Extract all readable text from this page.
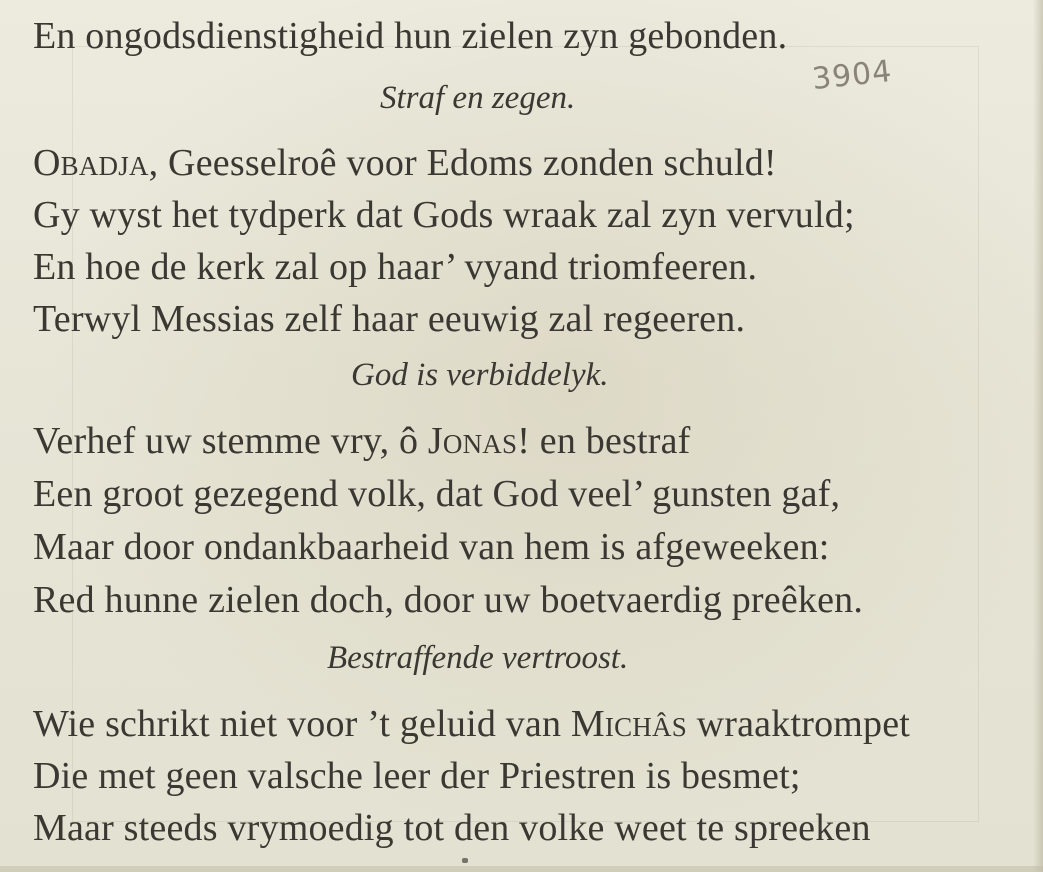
3904
En ongodsdienstigheid hun zielen zyn gebonden.
Straf en zegen.
Obadja, Geesselroê voor Edoms zonden schuld!
Gy wyst het tydperk dat Gods wraak zal zyn vervuld;
En hoe de kerk zal op haar’ vyand triomfeeren.
Terwyl Messias zelf haar eeuwig zal regeeren.
God is verbiddelyk.
Verhef uw stemme vry, ô Jonas! en bestraf
Een groot gezegend volk, dat God veel’ gunsten gaf,
Maar door ondankbaarheid van hem is afgeweeken:
Red hunne zielen doch, door uw boetvaerdig preêken.
Bestraffende vertroost.
Wie schrikt niet voor ’t geluid van Michâs wraaktrompet
Die met geen valsche leer der Priestren is besmet;
Maar steeds vrymoedig tot den volke weet te spreeken
